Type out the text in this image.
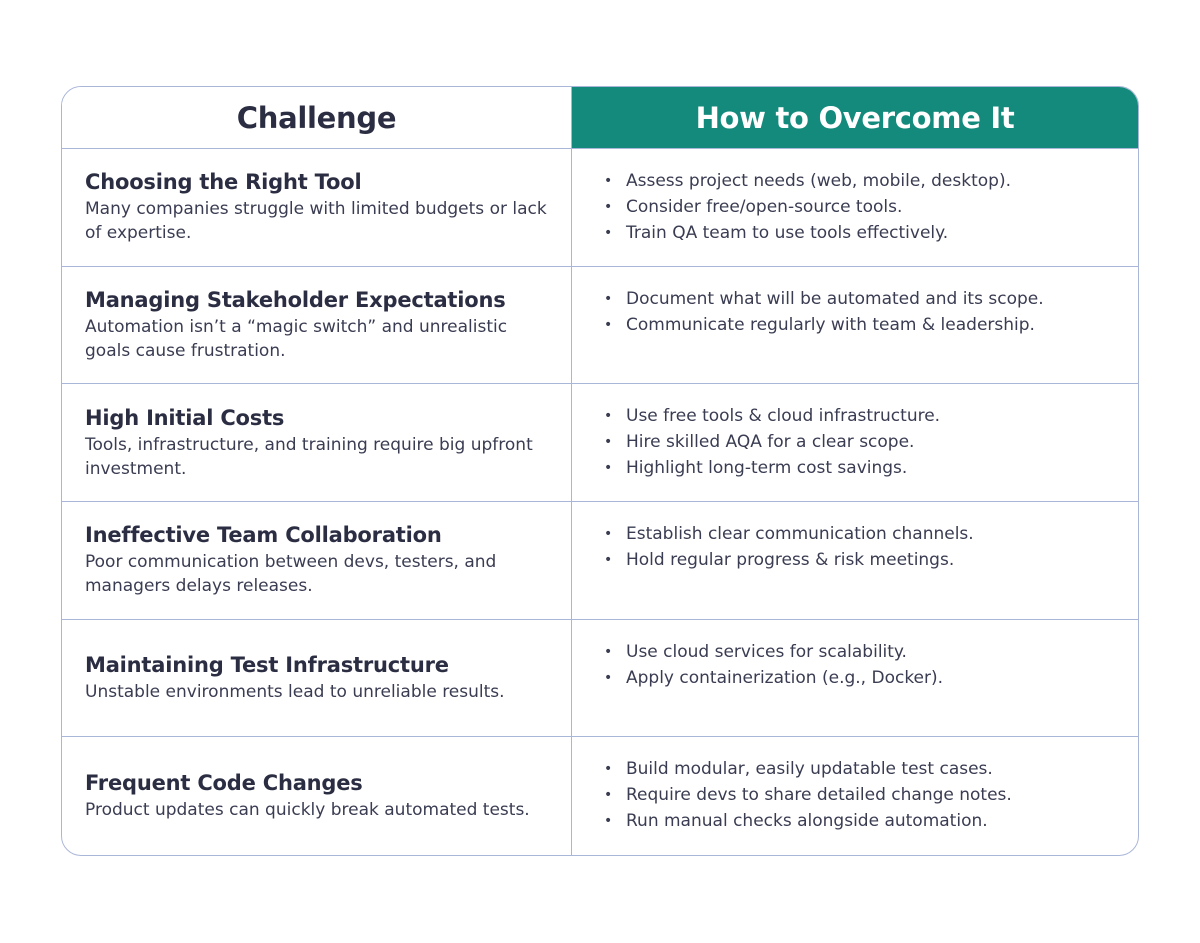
Challenge	How to Overcome It
Choosing the Right Tool
Many companies struggle with limited budgets or lack of expertise.
• Assess project needs (web, mobile, desktop).
• Consider free/open-source tools.
• Train QA team to use tools effectively.
Managing Stakeholder Expectations
Automation isn’t a “magic switch” and unrealistic goals cause frustration.
• Document what will be automated and its scope.
• Communicate regularly with team & leadership.
High Initial Costs
Tools, infrastructure, and training require big upfront investment.
• Use free tools & cloud infrastructure.
• Hire skilled AQA for a clear scope.
• Highlight long-term cost savings.
Ineffective Team Collaboration
Poor communication between devs, testers, and managers delays releases.
• Establish clear communication channels.
• Hold regular progress & risk meetings.
Maintaining Test Infrastructure
Unstable environments lead to unreliable results.
• Use cloud services for scalability.
• Apply containerization (e.g., Docker).
Frequent Code Changes
Product updates can quickly break automated tests.
• Build modular, easily updatable test cases.
• Require devs to share detailed change notes.
• Run manual checks alongside automation.
